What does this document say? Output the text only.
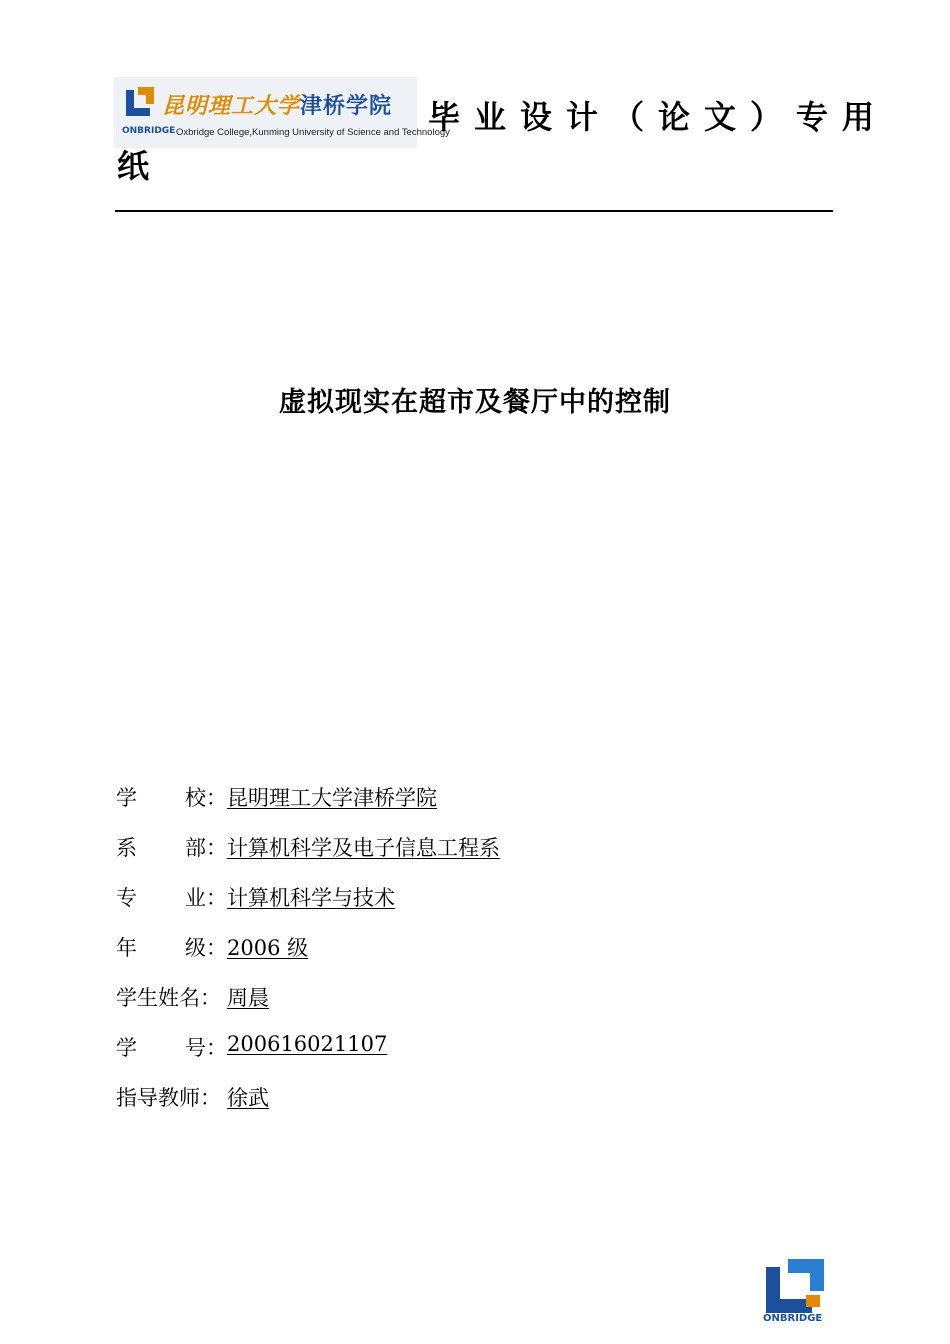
昆明理工大学津桥学院
ONBRIDGE Oxbridge College,Kunming University of Science and Technology
毕业设计（论文）专用
纸
虚拟现实在超市及餐厅中的控制
学 校： 昆明理工大学津桥学院
系 部： 计算机科学及电子信息工程系
专 业： 计算机科学与技术
年 级： 2006 级
学生姓名： 周晨
学 号： 200616021107
指导教师： 徐武
ONBRIDGE
